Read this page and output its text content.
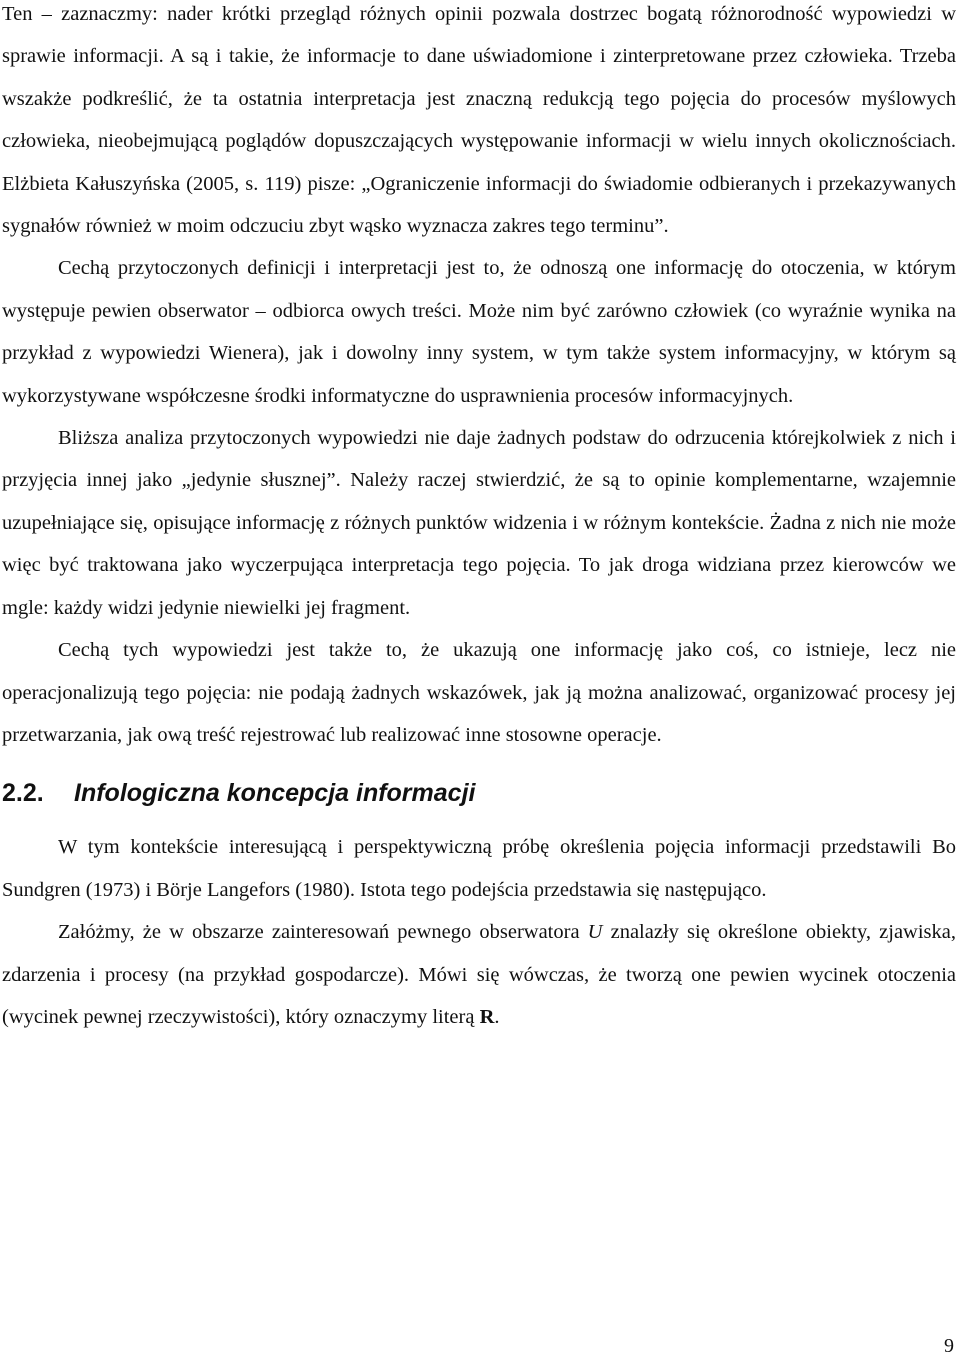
Ten – zaznaczmy: nader krótki przegląd różnych opinii pozwala dostrzec bogatą różnorodność wypowiedzi w sprawie informacji. A są i takie, że informacje to dane uświadomione i zinterpretowane przez człowieka. Trzeba wszakże podkreślić, że ta ostatnia interpretacja jest znaczną redukcją tego pojęcia do procesów myślowych człowieka, nieobejmującą poglądów dopuszczających występowanie informacji w wielu innych okolicznościach. Elżbieta Kałuszyńska (2005, s. 119) pisze: „Ograniczenie informacji do świadomie odbieranych i przekazywanych sygnałów również w moim odczuciu zbyt wąsko wyznacza zakres tego terminu”.

Cechą przytoczonych definicji i interpretacji jest to, że odnoszą one informację do otoczenia, w którym występuje pewien obserwator – odbiorca owych treści. Może nim być zarówno człowiek (co wyraźnie wynika na przykład z wypowiedzi Wienera), jak i dowolny inny system, w tym także system informacyjny, w którym są wykorzystywane współczesne środki informatyczne do usprawnienia procesów informacyjnych.

Bliższa analiza przytoczonych wypowiedzi nie daje żadnych podstaw do odrzucenia którejkolwiek z nich i przyjęcia innej jako „jedynie słusznej”. Należy raczej stwierdzić, że są to opinie komplementarne, wzajemnie uzupełniające się, opisujące informację z różnych punktów widzenia i w różnym kontekście. Żadna z nich nie może więc być traktowana jako wyczerpująca interpretacja tego pojęcia. To jak droga widziana przez kierowców we mgle: każdy widzi jedynie niewielki jej fragment.

Cechą tych wypowiedzi jest także to, że ukazują one informację jako coś, co istnieje, lecz nie operacjonalizują tego pojęcia: nie podają żadnych wskazówek, jak ją można analizować, organizować procesy jej przetwarzania, jak ową treść rejestrować lub realizować inne stosowne operacje.

2.2.	Infologiczna koncepcja informacji

W tym kontekście interesującą i perspektywiczną próbę określenia pojęcia informacji przedstawili Bo Sundgren (1973) i Börje Langefors (1980). Istota tego podejścia przedstawia się następująco.

Załóżmy, że w obszarze zainteresowań pewnego obserwatora U znalazły się określone obiekty, zjawiska, zdarzenia i procesy (na przykład gospodarcze). Mówi się wówczas, że tworzą one pewien wycinek otoczenia (wycinek pewnej rzeczywistości), który oznaczymy literą R.

9
